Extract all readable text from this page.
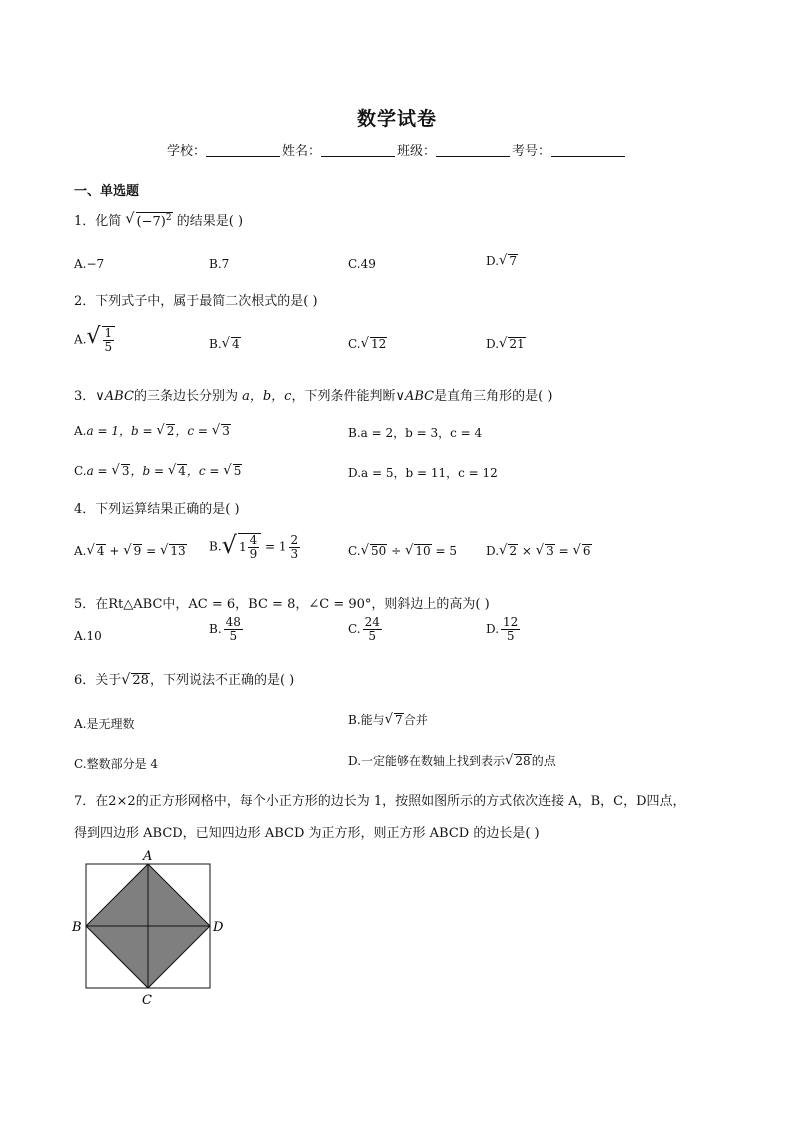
数学试卷
学校：	姓名：	班级：	考号：
一、单选题
1．化简 √ $(-7)^2$ 的结果是( )
A.−7	B.7	C.49	D. √ 7
2．下列式子中，属于最简二次根式的是( )
A. √ $\frac{1}{5}$	B. √ 4	C. √ 12	D. √ 21
3．∨ABC的三条边长分别为 a，b，c，下列条件能判断∨ABC是直角三角形的是( )
A.a = 1，b = √ 2 ，c = √ 3	B.a = 2，b = 3，c = 4
C.a = √ 3 ，b = √ 4 ，c = √ 5	D.a = 5，b = 11，c = 12
4．下列运算结果正确的是( )
A. √ 4 + √ 9 = √ 13 B. √ $1 \frac{4}{9} = 1 \frac{2}{3}$	C. √ 50 ÷ √ 10 = 5 D. √ 2 × √ 3 = √ 6
5．在Rt△ABC中，AC = 6，BC = 8，∠C = 90°，则斜边上的高为( )
A.10	B. $\frac{48}{5}$	C. $\frac{24}{5}$	D. $\frac{12}{5}$
6．关于 √ 28 ，下列说法不正确的是( )
A.是无理数	B.能与 √ 7 合并
C.整数部分是 4	D.一定能够在数轴上找到表示 √ 28 的点
7．在2×2的正方形网格中，每个小正方形的边长为 1，按照如图所示的方式依次连接 A，B，C，D四点，
得到四边形 ABCD，已知四边形 ABCD 为正方形，则正方形 ABCD 的边长是( )
A
B
C
D
